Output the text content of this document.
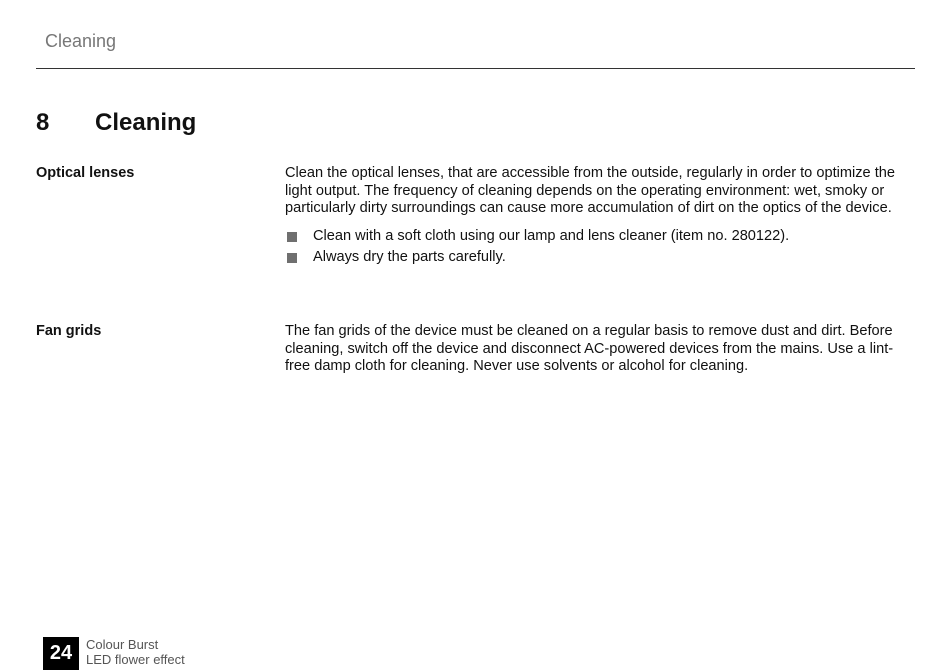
Cleaning
8 Cleaning
Optical lenses	Clean the optical lenses, that are accessible from the outside, regularly in order to optimize the light output. The frequency of cleaning depends on the operating environment: wet, smoky or particularly dirty surroundings can cause more accumulation of dirt on the optics of the device.

Clean with a soft cloth using our lamp and lens cleaner (item no. 280122).
Always dry the parts carefully.
Fan grids	The fan grids of the device must be cleaned on a regular basis to remove dust and dirt. Before cleaning, switch off the device and disconnect AC-powered devices from the mains. Use a lint-free damp cloth for cleaning. Never use solvents or alcohol for cleaning.

24	Colour Burst
LED flower effect
